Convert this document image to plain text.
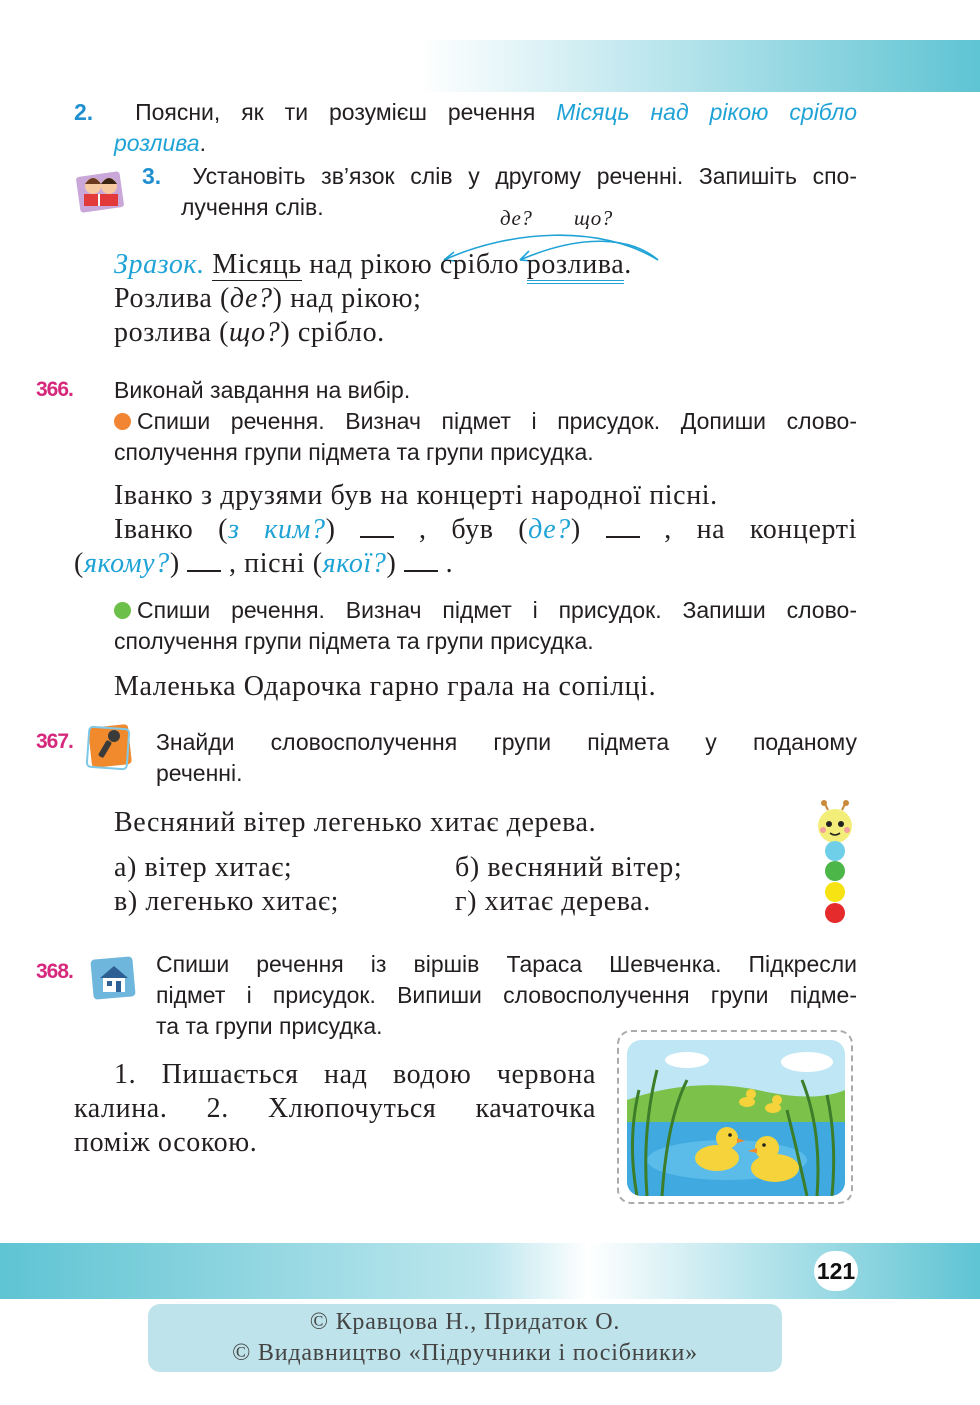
2. Поясни, як ти розумієш речення Місяць над рікою срібло
розлива.
3. Установіть зв’язок слів у другому реченні. Запишіть спо-
лучення слів.	де? що?
Зразок. Місяць над рікою срібло розлива.
Розлива (де?) над рікою;
розлива (що?) срібло.
366. Виконай завдання на вибір.
Спиши речення. Визнач підмет і присудок. Допиши слово-
сполучення групи підмета та групи присудка.
Іванко з друзями був на концерті народної пісні.
Іванко (з ким?)	, був (де?)	, на концерті
(якому?) , пісні (якої?) .
Спиши речення. Визнач підмет і присудок. Запиши слово-
сполучення групи підмета та групи присудка.
Маленька Одарочка гарно грала на сопілці.
367.	Знайди словосполучення групи підмета у поданому
реченні.
Весняний вітер легенько хитає дерева.
а) вітер хитає;	б) весняний вітер;
в) легенько хитає;	г) хитає дерева.
368.	Спиши речення із віршів Тараса Шевченка. Підкресли
підмет і присудок. Випиши словосполучення групи підме-
та та групи присудка.
1. Пишається над водою червона
калина. 2. Хлюпочуться качаточка
поміж осокою.
121
© Кравцова Н., Придаток О.
© Видавництво «Підручники і посібники»
